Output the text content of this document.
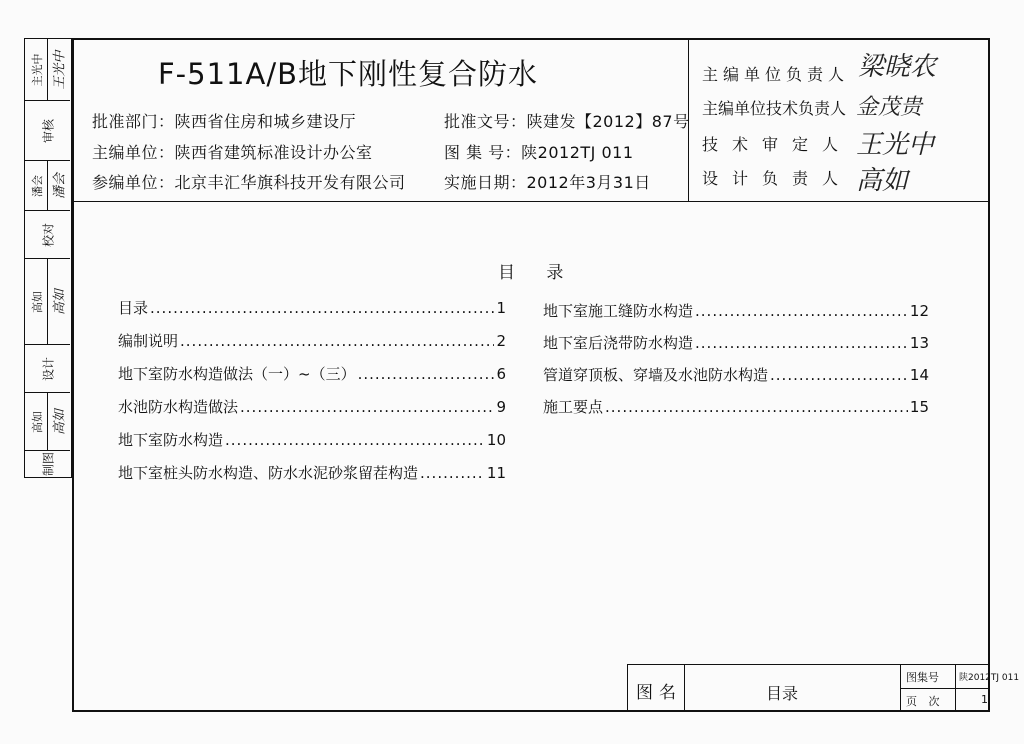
主光中 王光中
审核
潘会 潘会
校对
高如 高如
设计
高如 高如
制图
F-511A/B地下刚性复合防水
批准部门：陕西省住房和城乡建设厅	批准文号：陕建发【2012】87号
主编单位：陕西省建筑标准设计办公室	图 集 号：陕2012TJ 011
参编单位：北京丰汇华旗科技开发有限公司 实施日期：2012年3月31日
主编单位负责人 梁晓农
主编单位技术负责人 金茂贵
技术审定人 王光中
设计负责人 高如
目 录
目录 .....	1
编制说明 .....	2
地下室防水构造做法（一）~（三） .....	6
水池防水构造做法 .....	9
地下室防水构造 .....	10
地下室桩头防水构造、防水水泥砂浆留茬构造 .....	11
地下室施工缝防水构造 .....	12
地下室后浇带防水构造 .....	13
管道穿顶板、穿墙及水池防水构造 .....	14
施工要点 .....	15
图名	目录
图集号 陕2012TJ 011
页 次	1
